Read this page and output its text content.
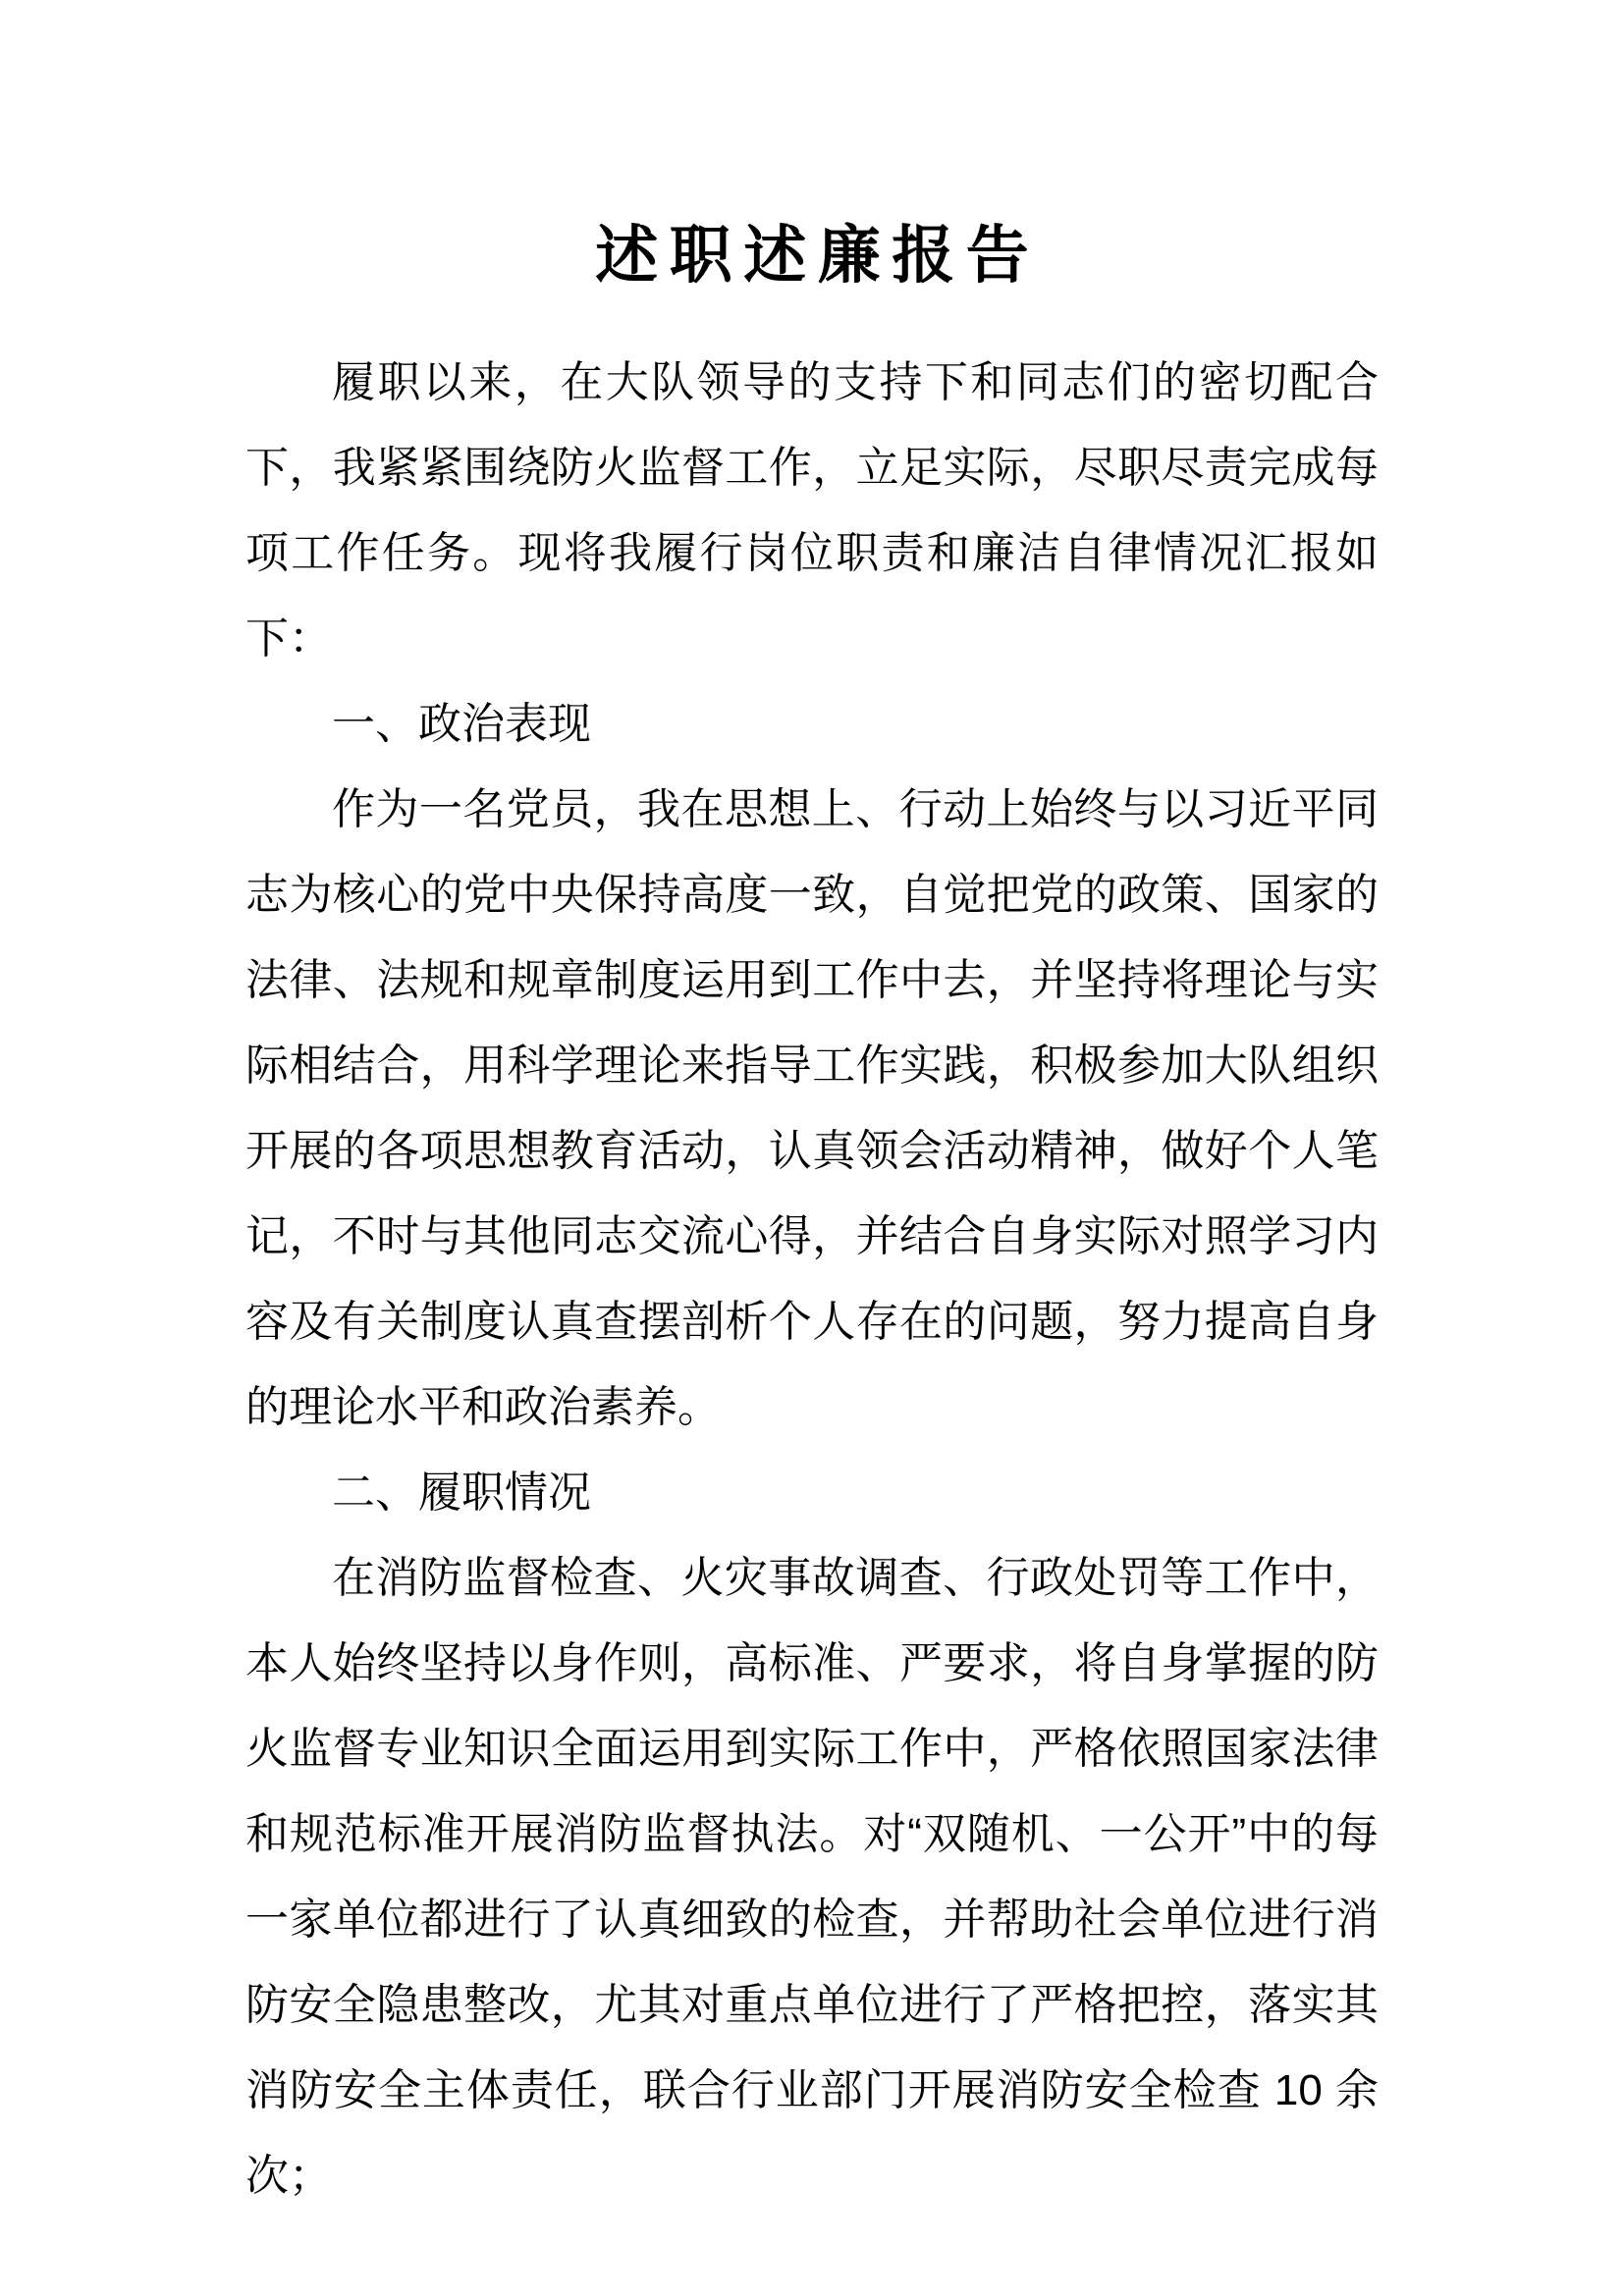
述职述廉报告

履职以来，在大队领导的支持下和同志们的密切配合下，我紧紧围绕防火监督工作，立足实际，尽职尽责完成每项工作任务。现将我履行岗位职责和廉洁自律情况汇报如下：

一、政治表现

作为一名党员，我在思想上、行动上始终与以习近平同志为核心的党中央保持高度一致，自觉把党的政策、国家的法律、法规和规章制度运用到工作中去，并坚持将理论与实际相结合，用科学理论来指导工作实践，积极参加大队组织开展的各项思想教育活动，认真领会活动精神，做好个人笔记，不时与其他同志交流心得，并结合自身实际对照学习内容及有关制度认真查摆剖析个人存在的问题，努力提高自身的理论水平和政治素养。

二、履职情况

在消防监督检查、火灾事故调查、行政处罚等工作中，本人始终坚持以身作则，高标准、严要求，将自身掌握的防火监督专业知识全面运用到实际工作中，严格依照国家法律和规范标准开展消防监督执法。对“双随机、一公开”中的每一家单位都进行了认真细致的检查，并帮助社会单位进行消防安全隐患整改，尤其对重点单位进行了严格把控，落实其消防安全主体责任，联合行业部门开展消防安全检查 10 余次；
